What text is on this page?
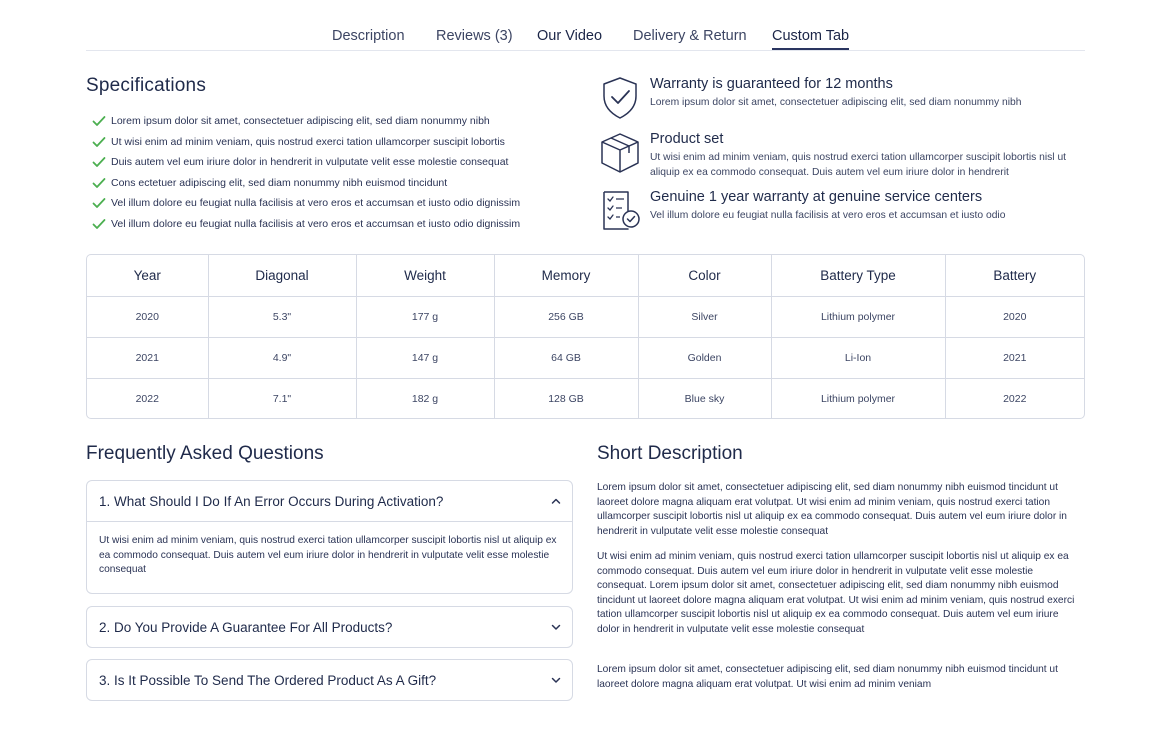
Description Reviews (3) Our Video Delivery & Return Custom Tab
Specifications
Lorem ipsum dolor sit amet, consectetuer adipiscing elit, sed diam nonummy nibh
Ut wisi enim ad minim veniam, quis nostrud exerci tation ullamcorper suscipit lobortis
Duis autem vel eum iriure dolor in hendrerit in vulputate velit esse molestie consequat
Cons ectetuer adipiscing elit, sed diam nonummy nibh euismod tincidunt
Vel illum dolore eu feugiat nulla facilisis at vero eros et accumsan et iusto odio dignissim
Vel illum dolore eu feugiat nulla facilisis at vero eros et accumsan et iusto odio dignissim
Warranty is guaranteed for 12 months
Lorem ipsum dolor sit amet, consectetuer adipiscing elit, sed diam nonummy nibh
Product set
Ut wisi enim ad minim veniam, quis nostrud exerci tation ullamcorper suscipit lobortis nisl ut aliquip ex ea commodo consequat. Duis autem vel eum iriure dolor in hendrerit
Genuine 1 year warranty at genuine service centers
Vel illum dolore eu feugiat nulla facilisis at vero eros et accumsan et iusto odio
Year	Diagonal	Weight	Memory	Color	Battery Type	Battery
2020	5.3"	177 g	256 GB	Silver	Lithium polymer	2020
2021	4.9"	147 g	64 GB	Golden	Li-Ion	2021
2022	7.1"	182 g	128 GB	Blue sky	Lithium polymer	2022
Frequently Asked Questions
1. What Should I Do If An Error Occurs During Activation?
Ut wisi enim ad minim veniam, quis nostrud exerci tation ullamcorper suscipit lobortis nisl ut aliquip ex ea commodo consequat. Duis autem vel eum iriure dolor in hendrerit in vulputate velit esse molestie consequat
2. Do You Provide A Guarantee For All Products?
3. Is It Possible To Send The Ordered Product As A Gift?
Short Description

Lorem ipsum dolor sit amet, consectetuer adipiscing elit, sed diam nonummy nibh euismod tincidunt ut laoreet dolore magna aliquam erat volutpat. Ut wisi enim ad minim veniam, quis nostrud exerci tation ullamcorper suscipit lobortis nisl ut aliquip ex ea commodo consequat. Duis autem vel eum iriure dolor in hendrerit in vulputate velit esse molestie consequat

Ut wisi enim ad minim veniam, quis nostrud exerci tation ullamcorper suscipit lobortis nisl ut aliquip ex ea commodo consequat. Duis autem vel eum iriure dolor in hendrerit in vulputate velit esse molestie consequat. Lorem ipsum dolor sit amet, consectetuer adipiscing elit, sed diam nonummy nibh euismod tincidunt ut laoreet dolore magna aliquam erat volutpat. Ut wisi enim ad minim veniam, quis nostrud exerci tation ullamcorper suscipit lobortis nisl ut aliquip ex ea commodo consequat. Duis autem vel eum iriure dolor in hendrerit in vulputate velit esse molestie consequat

Lorem ipsum dolor sit amet, consectetuer adipiscing elit, sed diam nonummy nibh euismod tincidunt ut laoreet dolore magna aliquam erat volutpat. Ut wisi enim ad minim veniam
